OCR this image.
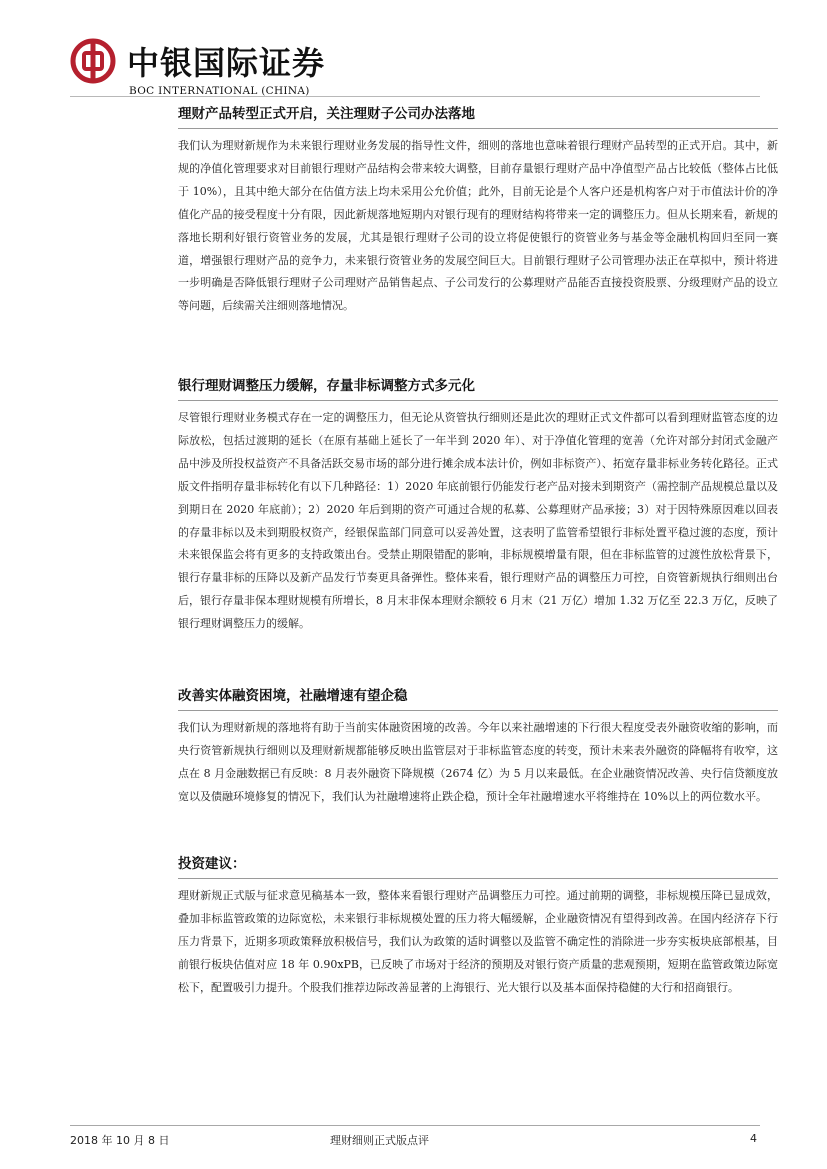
中银国际证券
BOC INTERNATIONAL (CHINA)
理财产品转型正式开启，关注理财子公司办法落地

我们认为理财新规作为未来银行理财业务发展的指导性文件，细则的落地也意味着银行理财产品转型的正式开启。其中，新规的净值化管理要求对目前银行理财产品结构会带来较大调整，目前存量银行理财产品中净值型产品占比较低（整体占比低于 10%），且其中绝大部分在估值方法上均未采用公允价值；此外，目前无论是个人客户还是机构客户对于市值法计价的净值化产品的接受程度十分有限，因此新规落地短期内对银行现有的理财结构将带来一定的调整压力。但从长期来看，新规的落地长期利好银行资管业务的发展，尤其是银行理财子公司的设立将促使银行的资管业务与基金等金融机构回归至同一赛道，增强银行理财产品的竞争力，未来银行资管业务的发展空间巨大。目前银行理财子公司管理办法正在草拟中，预计将进一步明确是否降低银行理财子公司理财产品销售起点、子公司发行的公募理财产品能否直接投资股票、分级理财产品的设立等问题，后续需关注细则落地情况。

银行理财调整压力缓解，存量非标调整方式多元化

尽管银行理财业务模式存在一定的调整压力，但无论从资管执行细则还是此次的理财正式文件都可以看到理财监管态度的边际放松，包括过渡期的延长（在原有基础上延长了一年半到 2020 年）、对于净值化管理的宽善（允许对部分封闭式金融产品中涉及所投权益资产不具备活跃交易市场的部分进行摊余成本法计价，例如非标资产）、拓宽存量非标业务转化路径。正式版文件指明存量非标转化有以下几种路径：1）2020 年底前银行仍能发行老产品对接未到期资产（需控制产品规模总量以及到期日在 2020 年底前）；2）2020 年后到期的资产可通过合规的私募、公募理财产品承接；3）对于因特殊原因难以回表的存量非标以及未到期股权资产，经银保监部门同意可以妥善处置，这表明了监管希望银行非标处置平稳过渡的态度，预计未来银保监会将有更多的支持政策出台。受禁止期限错配的影响，非标规模增量有限，但在非标监管的过渡性放松背景下，银行存量非标的压降以及新产品发行节奏更具备弹性。整体来看，银行理财产品的调整压力可控，自资管新规执行细则出台后，银行存量非保本理财规模有所增长，8 月末非保本理财余额较 6 月末（21 万亿）增加 1.32 万亿至 22.3 万亿，反映了银行理财调整压力的缓解。

改善实体融资困境，社融增速有望企稳

我们认为理财新规的落地将有助于当前实体融资困境的改善。今年以来社融增速的下行很大程度受表外融资收缩的影响，而央行资管新规执行细则以及理财新规都能够反映出监管层对于非标监管态度的转变，预计未来表外融资的降幅将有收窄，这点在 8 月金融数据已有反映：8 月表外融资下降规模（2674 亿）为 5 月以来最低。在企业融资情况改善、央行信贷额度放宽以及债融环境修复的情况下，我们认为社融增速将止跌企稳，预计全年社融增速水平将维持在 10%以上的两位数水平。

投资建议：

理财新规正式版与征求意见稿基本一致，整体来看银行理财产品调整压力可控。通过前期的调整，非标规模压降已显成效，叠加非标监管政策的边际宽松，未来银行非标规模处置的压力将大幅缓解，企业融资情况有望得到改善。在国内经济存下行压力背景下，近期多项政策释放积极信号，我们认为政策的适时调整以及监管不确定性的消除进一步夯实板块底部根基，目前银行板块估值对应 18 年 0.90xPB，已反映了市场对于经济的预期及对银行资产质量的悲观预期，短期在监管政策边际宽松下，配置吸引力提升。个股我们推荐边际改善显著的上海银行、光大银行以及基本面保持稳健的大行和招商银行。

2018 年 10 月 8 日	理财细则正式版点评	4
